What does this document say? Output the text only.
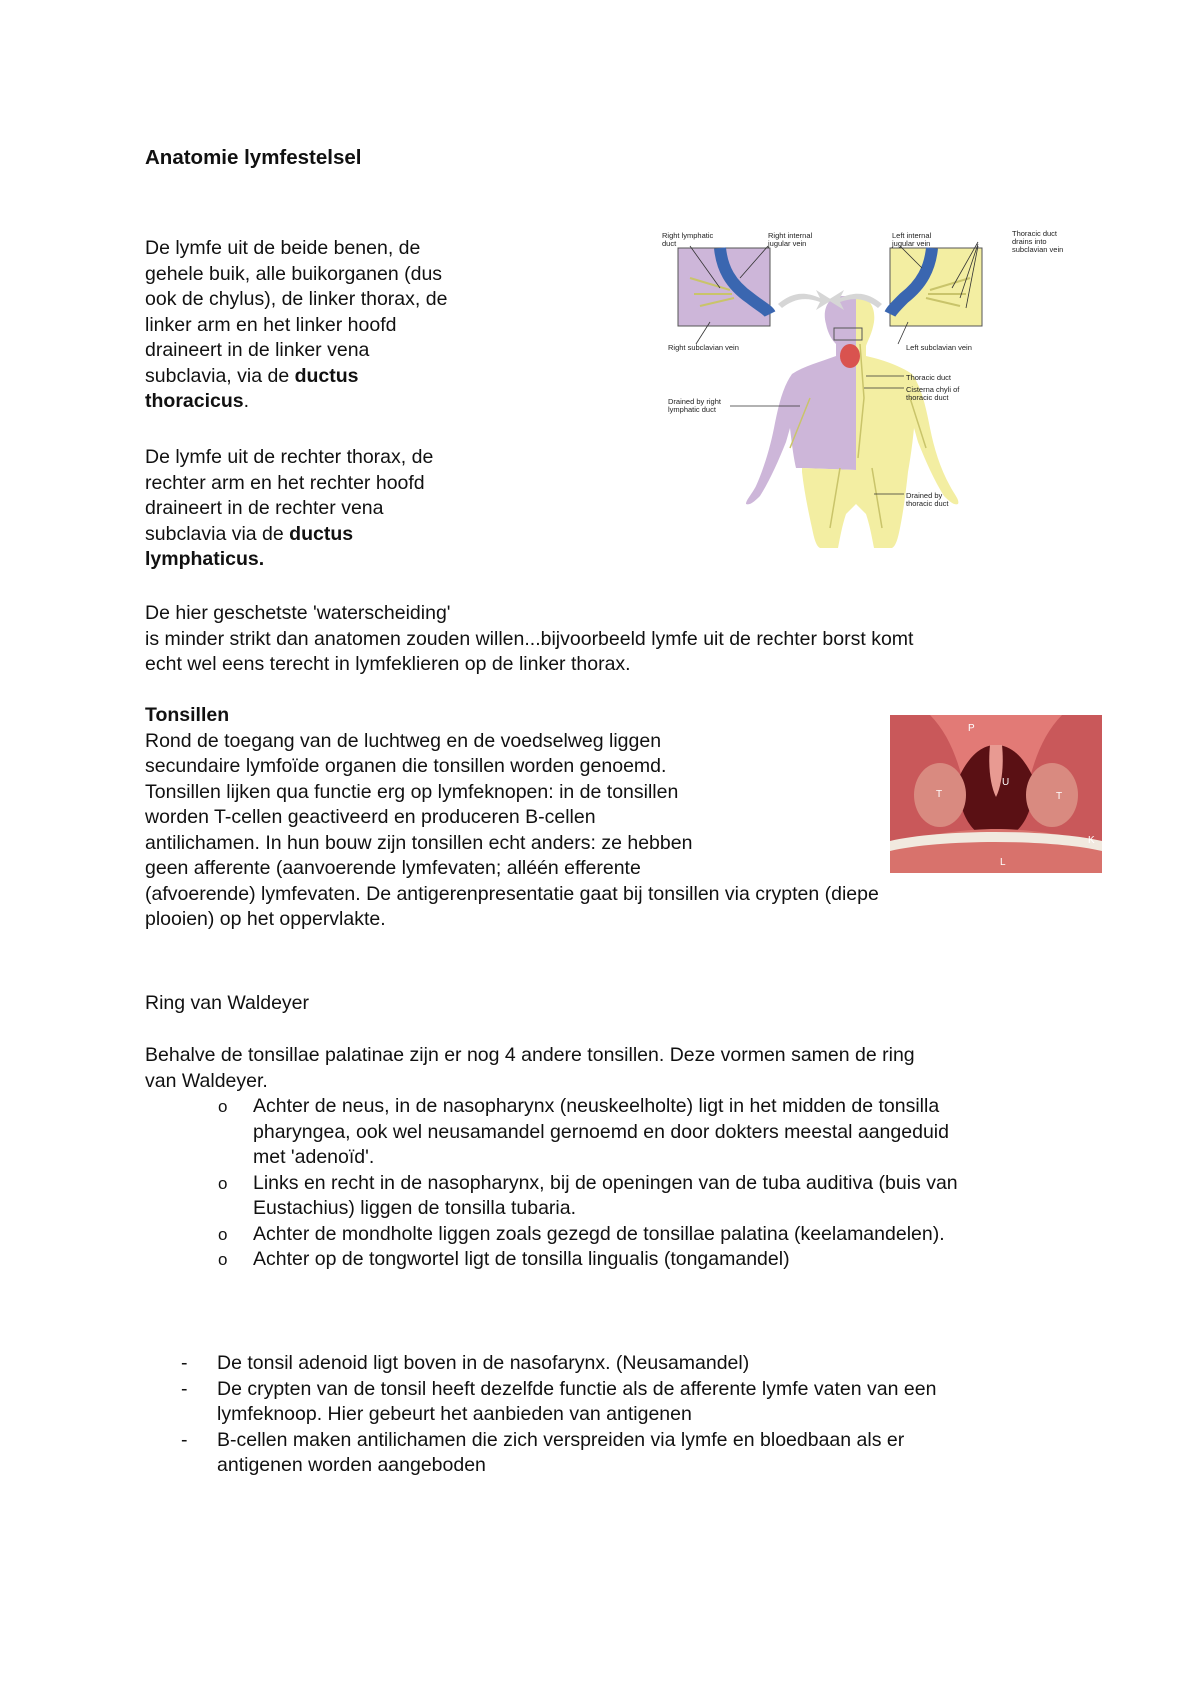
Anatomie lymfestelsel

De lymfe uit de beide benen, de

gehele buik, alle buikorganen (dus

ook de chylus), de linker thorax, de

linker arm en het linker hoofd

draineert in de linker vena

subclavia, via de ductus

thoracicus.

De lymfe uit de rechter thorax, de

rechter arm en het rechter hoofd

draineert in de rechter vena

subclavia via de ductus

lymphaticus.

De hier geschetste 'waterscheiding'

is minder strikt dan anatomen zouden willen...bijvoorbeeld lymfe uit de rechter borst komt

echt wel eens terecht in lymfeklieren op de linker thorax.

Tonsillen

Rond de toegang van de luchtweg en de voedselweg liggen

secundaire lymfoïde organen die tonsillen worden genoemd.

Tonsillen lijken qua functie erg op lymfeknopen: in de tonsillen

worden T-cellen geactiveerd en produceren B-cellen

antilichamen. In hun bouw zijn tonsillen echt anders: ze hebben

geen afferente (aanvoerende lymfevaten; alléén efferente

(afvoerende) lymfevaten. De antigerenpresentatie gaat bij tonsillen via crypten (diepe

plooien) op het oppervlakte.

Ring van Waldeyer

Behalve de tonsillae palatinae zijn er nog 4 andere tonsillen. Deze vormen samen de ring

van Waldeyer.

o Achter de neus, in de nasopharynx (neuskeelholte) ligt in het midden de tonsilla
pharyngea, ook wel neusamandel gernoemd en door dokters meestal aangeduid
met 'adenoïd'.
o Links en recht in de nasopharynx, bij de openingen van de tuba auditiva (buis van
Eustachius) liggen de tonsilla tubaria.
o Achter de mondholte liggen zoals gezegd de tonsillae palatina (keelamandelen).
o Achter op de tongwortel ligt de tonsilla lingualis (tongamandel)
- De tonsil adenoid ligt boven in de nasofarynx. (Neusamandel)
- De crypten van de tonsil heeft dezelfde functie als de afferente lymfe vaten van een
lymfeknoop. Hier gebeurt het aanbieden van antigenen
- B-cellen maken antilichamen die zich verspreiden via lymfe en bloedbaan als er
antigenen worden aangeboden
Right lymphatic duct
Right internal jugular vein
Left internal jugular vein
Thoracic duct drains into subclavian vein
Right subclavian vein	Left subclavian vein
Thoracic duct
Cisterna chyli of thoracic duct
Drained by right lymphatic duct
Drained by thoracic duct
P
U
T	T
L
K
